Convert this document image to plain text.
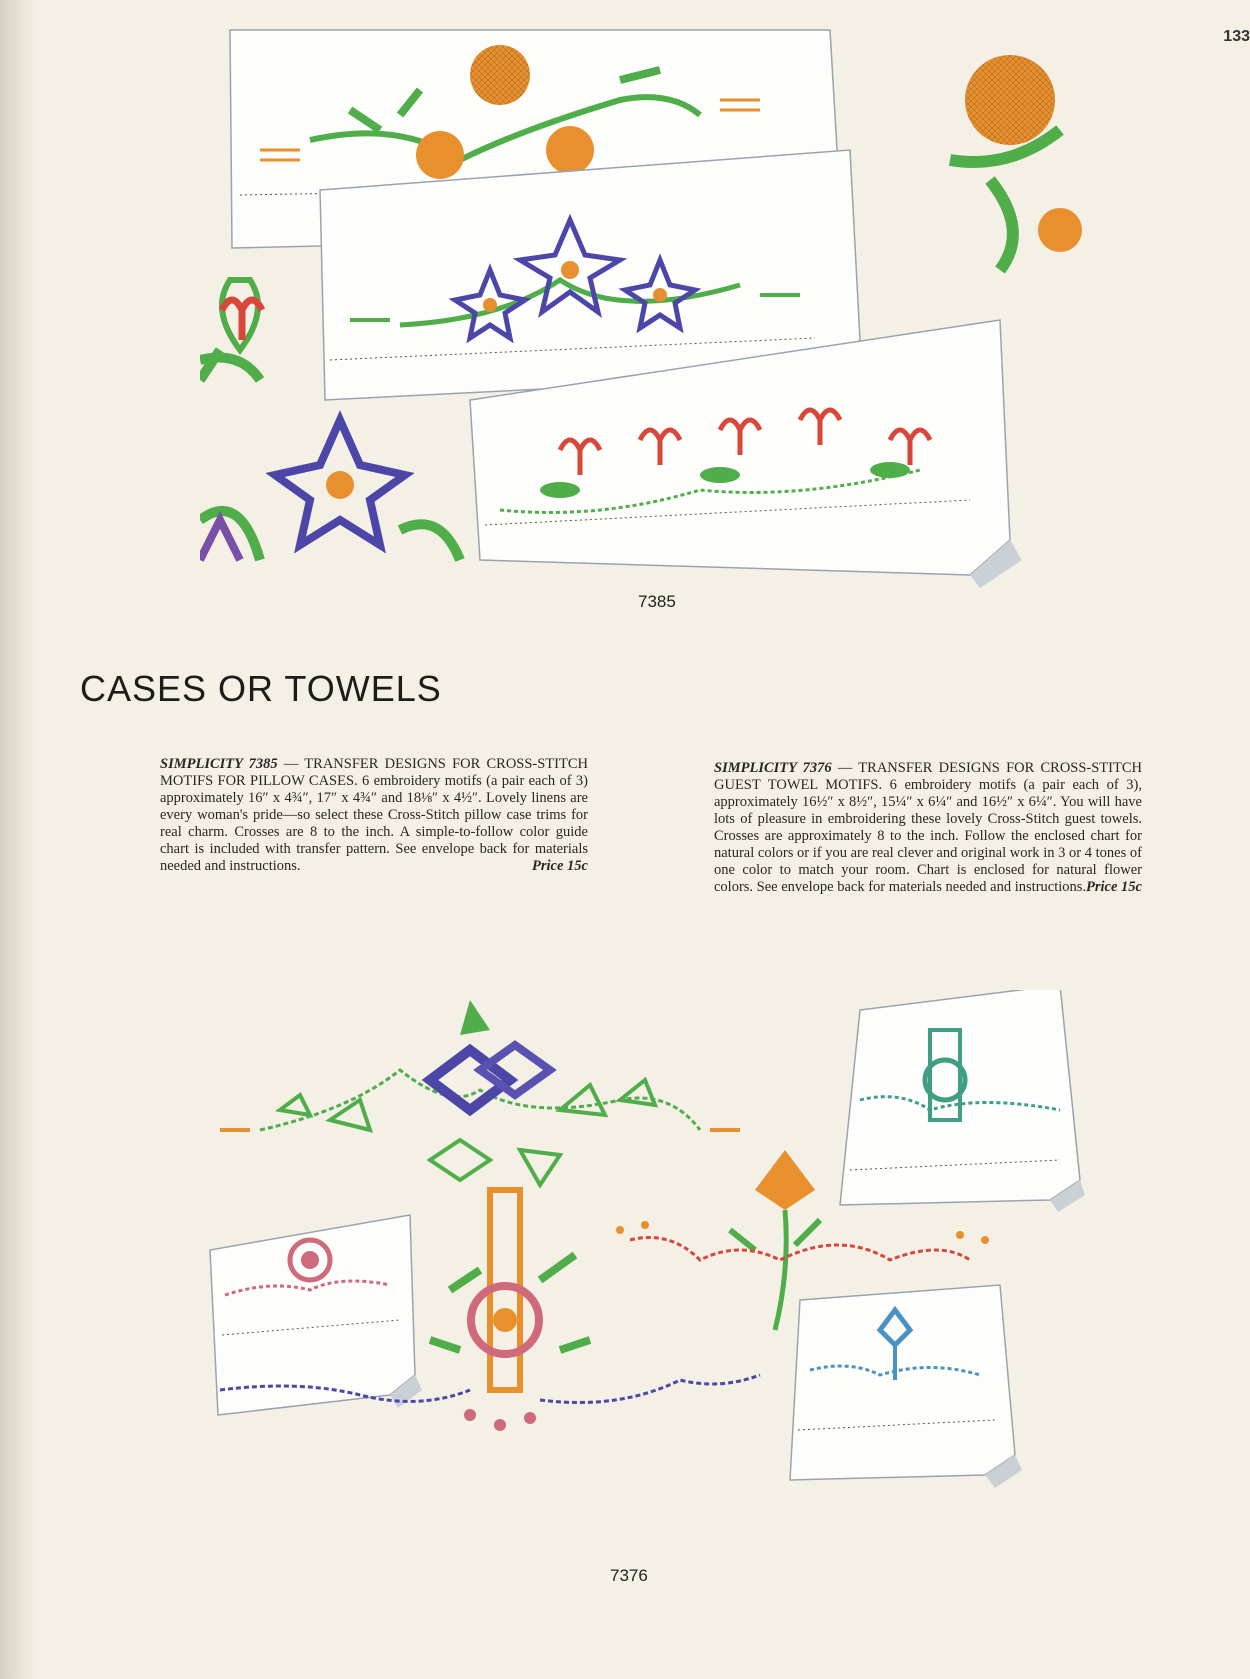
133
7385
CASES OR TOWELS

SIMPLICITY 7385 — TRANSFER DESIGNS FOR CROSS-STITCH MOTIFS FOR PILLOW CASES. 6 embroidery motifs (a pair each of 3) approximately 16″ x 4¾″, 17″ x 4¾″ and 18⅛″ x 4½″. Lovely linens are every woman's pride—so select these Cross-Stitch pillow case trims for real charm. Crosses are 8 to the inch. A simple-to-follow color guide chart is included with transfer pattern. See envelope back for materials needed and instructions.	Price 15c

SIMPLICITY 7376 — TRANSFER DESIGNS FOR CROSS-STITCH GUEST TOWEL MOTIFS. 6 embroidery motifs (a pair each of 3), approximately 16½″ x 8½″, 15¼″ x 6¼″ and 16½″ x 6¼″. You will have lots of pleasure in embroidering these lovely Cross-Stitch guest towels. Crosses are approximately 8 to the inch. Follow the enclosed chart for natural colors or if you are real clever and original work in 3 or 4 tones of one color to match your room. Chart is enclosed for natural flower colors. See envelope back for materials needed and instructions. Price 15c

7376
